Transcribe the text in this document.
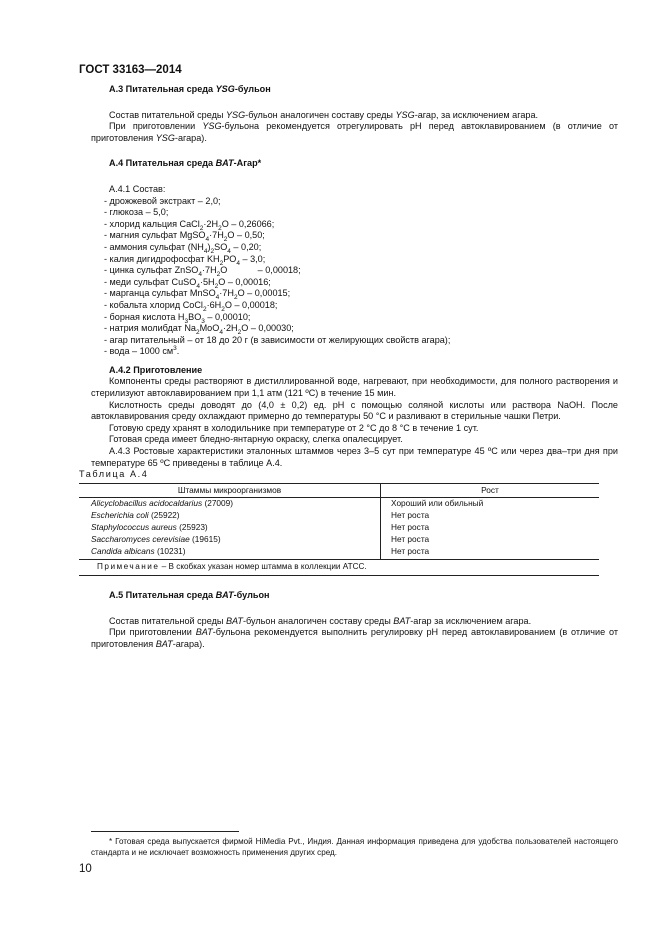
ГОСТ 33163—2014

А.3 Питательная среда YSG-бульон

Состав питательной среды YSG-бульон аналогичен составу среды YSG-агар, за исключением агара.

При приготовлении YSG-бульона рекомендуется отрегулировать рН перед автоклавированием (в отличие от приготовления YSG-агара).

А.4 Питательная среда BAT-Агар*

А.4.1 Состав:

- дрожжевой экстракт – 2,0;

- глюкоза – 5,0;

- хлорид кальция $CaCl_2\cdot 2H_2O - 0,26066$;

- магния сульфат $MgSO_4\cdot 7H_2O - 0,50$;

- аммония сульфат $(NH_4)_2SO_4 - 0,20$;

- калия дигидрофосфат $KH_2PO_4 - 3,0$;

- цинка сульфат $ZnSO_4\cdot 7H_2O$            – 0,00018;

- меди сульфат $CuSO_4\cdot 5H_2O - 0,00016$;

- марганца сульфат $MnSO_4\cdot 7H_2O - 0,00015$;

- кобальта хлорид $CoCl_2\cdot 6H_2O - 0,00018$;

- борная кислота $H_3BO_3 - 0,00010$;

- натрия молибдат $Na_2MoO_4\cdot 2H_2O - 0,00030$;

- агар питательный – от 18 до 20 г (в зависимости от желирующих свойств агара);

- вода – 1000 $см^3$.

А.4.2 Приготовление

Компоненты среды растворяют в дистиллированной воде, нагревают, при необходимости, для полного растворения и стерилизуют автоклавированием при 1,1 атм (121 ºС) в течение 15 мин.

Кислотность среды доводят до (4,0 ± 0,2) ед. рН с помощью соляной кислоты или раствора NaOH. После автоклавирования среду охлаждают примерно до температуры 50 °С и разливают в стерильные чашки Петри.

Готовую среду хранят в холодильнике при температуре от 2 °С до 8 °С в течение 1 сут.

Готовая среда имеет бледно-янтарную окраску, слегка опалесцирует.

А.4.3 Ростовые характеристики эталонных штаммов через 3–5 сут при температуре 45 ºС или через два–три дня при температуре 65 ºС приведены в таблице А.4.

Таблица А.4

Штаммы микроорганизмов	Рост
Alicyclobacillus acidocaldarius (27009)	Хороший или обильный
Escherichia coli (25922)	Нет роста
Staphylococcus aureus (25923)	Нет роста
Saccharomyces cerevisiae (19615)	Нет роста
Candida albicans (10231)	Нет роста
Примечание – В скобках указан номер штамма в коллекции АТСС.	

А.5 Питательная среда BAT-бульон

Состав питательной среды BAT-бульон аналогичен составу среды BAT-агар за исключением агара.

При приготовлении BAT-бульона рекомендуется выполнить регулировку рН перед автоклавированием (в отличие от приготовления BAT-агара).

* Готовая среда выпускается фирмой HiMedia Pvt., Индия. Данная информация приведена для удобства пользователей настоящего стандарта и не исключает возможность применения других сред.
10
